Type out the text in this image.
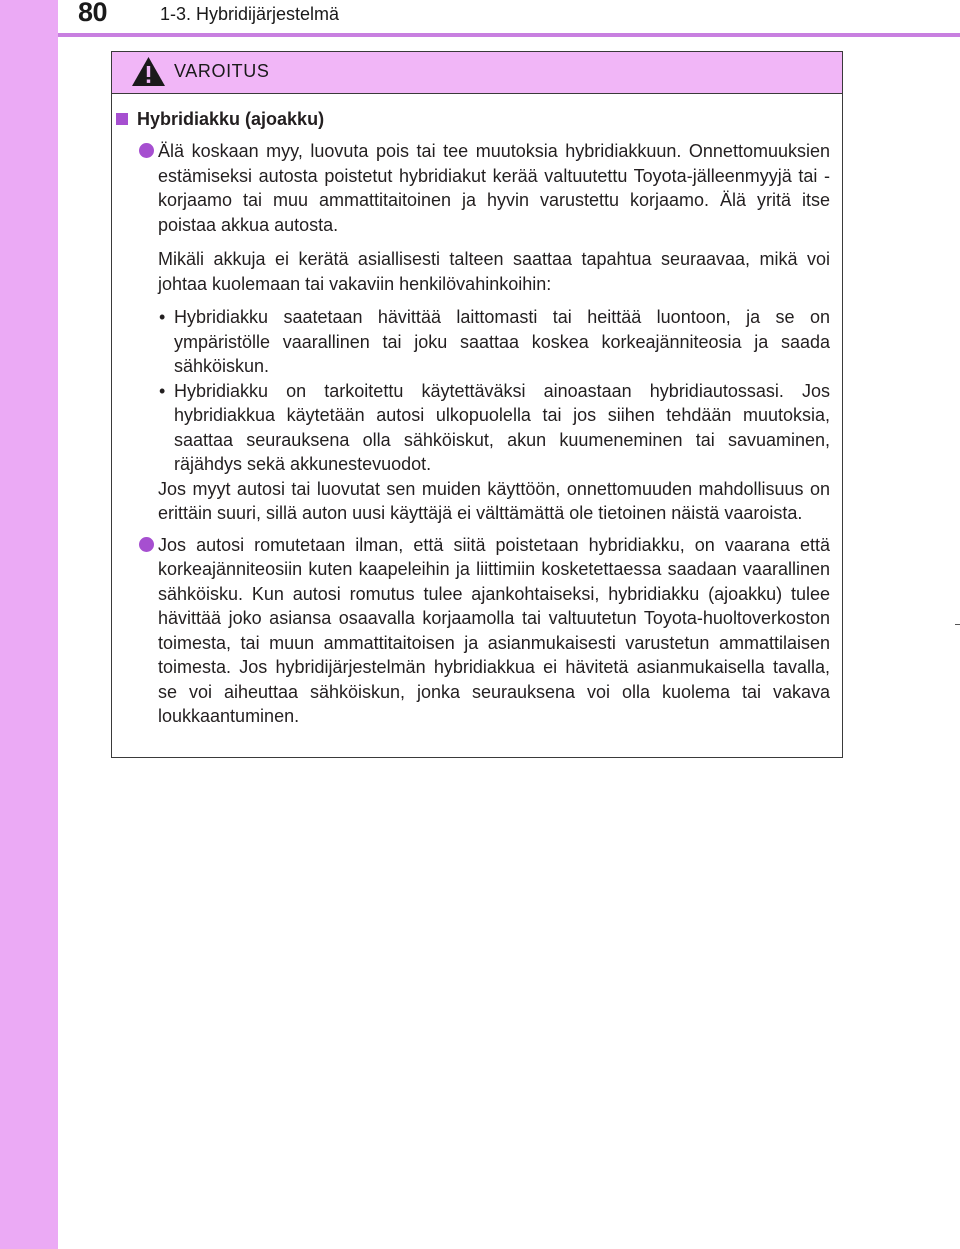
80	1-3. Hybridijärjestelmä
VAROITUS
Hybridiakku (ajoakku)

Älä koskaan myy, luovuta pois tai tee muutoksia hybridiakkuun. Onnettomuuksien estämiseksi autosta poistetut hybridiakut kerää valtuutettu Toyota-jälleenmyyjä tai -korjaamo tai muu ammattitaitoinen ja hyvin varustettu korjaamo. Älä yritä itse poistaa akkua autosta.

Mikäli akkuja ei kerätä asiallisesti talteen saattaa tapahtua seuraavaa, mikä voi johtaa kuolemaan tai vakaviin henkilövahinkoihin:

• Hybridiakku saatetaan hävittää laittomasti tai heittää luontoon, ja se on ympäristölle vaarallinen tai joku saattaa koskea korkeajänniteosia ja saada sähköiskun.
• Hybridiakku on tarkoitettu käytettäväksi ainoastaan hybridiautossasi. Jos hybridiakkua käytetään autosi ulkopuolella tai jos siihen tehdään muutoksia, saattaa seurauksena olla sähköiskut, akun kuumeneminen tai savuaminen, räjähdys sekä akkunestevuodot.

Jos myyt autosi tai luovutat sen muiden käyttöön, onnettomuuden mahdollisuus on erittäin suuri, sillä auton uusi käyttäjä ei välttämättä ole tietoinen näistä vaaroista.

Jos autosi romutetaan ilman, että siitä poistetaan hybridiakku, on vaarana että korkeajänniteosiin kuten kaapeleihin ja liittimiin kosketettaessa saadaan vaarallinen sähköisku. Kun autosi romutus tulee ajankohtaiseksi, hybridiakku (ajoakku) tulee hävittää joko asiansa osaavalla korjaamolla tai valtuutetun Toyota-huoltoverkoston toimesta, tai muun ammattitaitoisen ja asianmukaisesti varustetun ammattilaisen toimesta. Jos hybridijärjestelmän hybridiakkua ei hävitetä asianmukaisella tavalla, se voi aiheuttaa sähköiskun, jonka seurauksena voi olla kuolema tai vakava loukkaantuminen.
